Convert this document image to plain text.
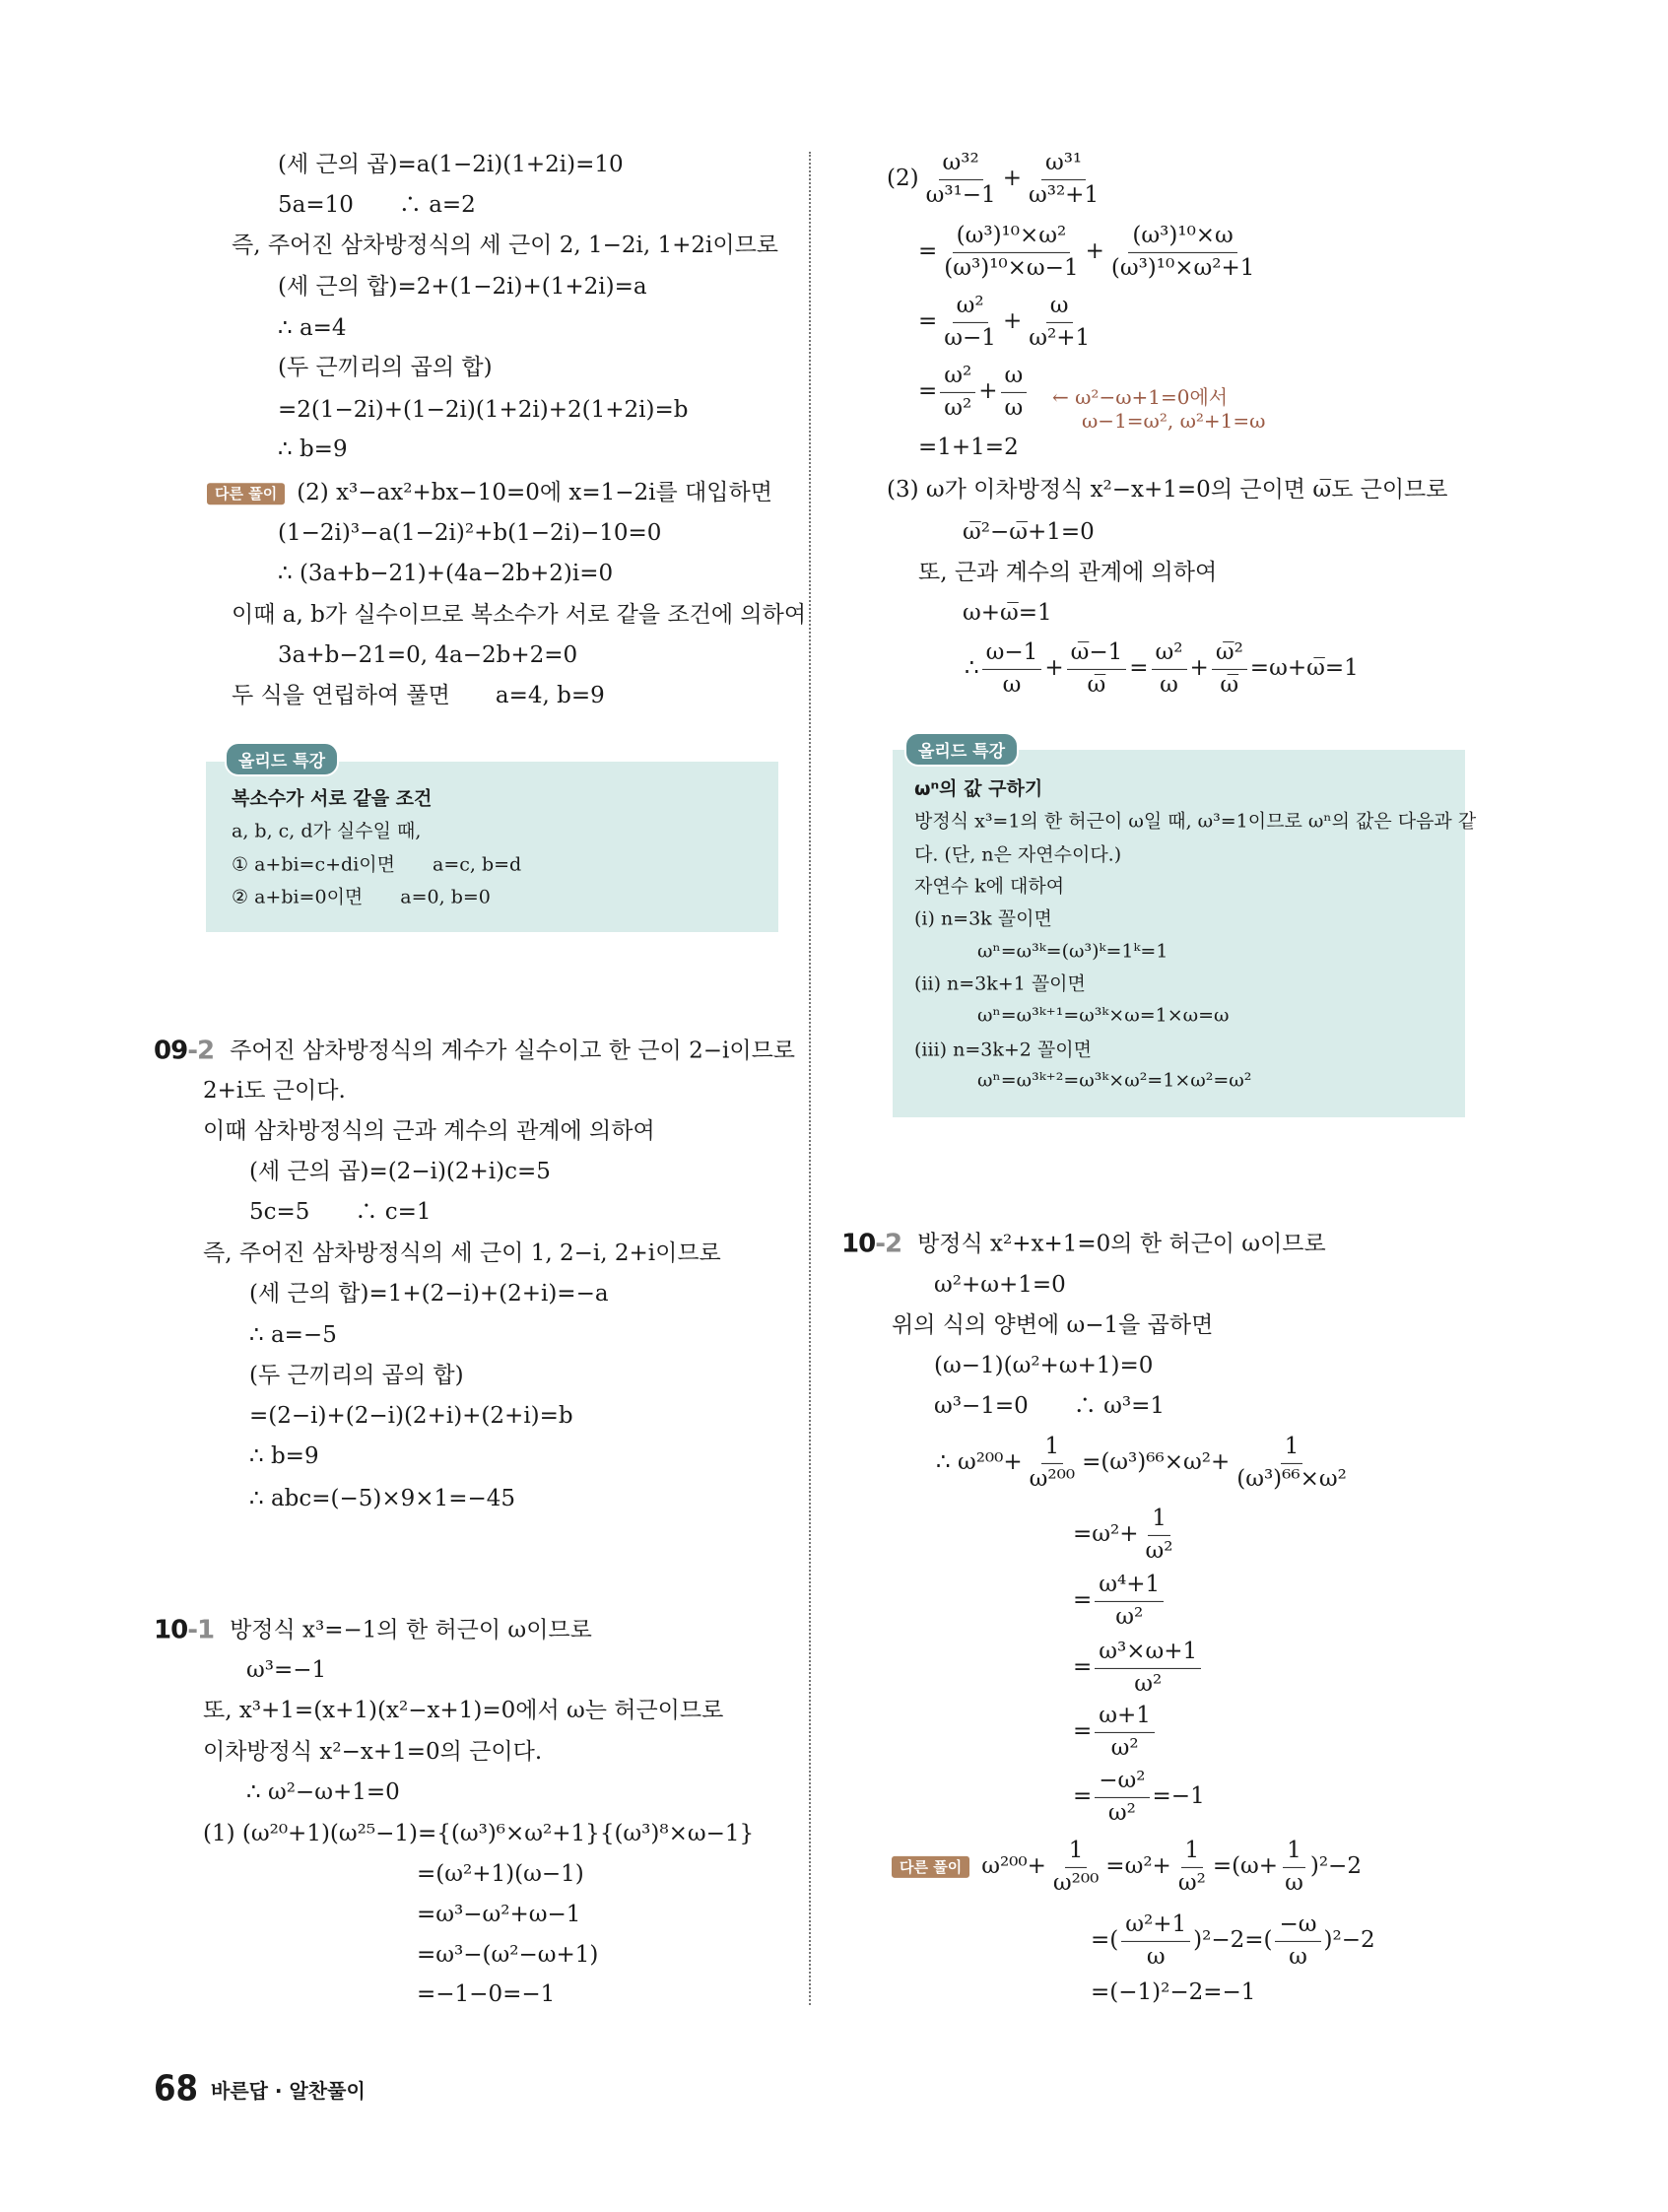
(세 근의 곱)=a(1−2i)(1+2i)=10
5a=10　　∴ a=2
즉, 주어진 삼차방정식의 세 근이 2, 1−2i, 1+2i이므로
(세 근의 합)=2+(1−2i)+(1+2i)=a
∴ a=4
(두 근끼리의 곱의 합)
=2(1−2i)+(1−2i)(1+2i)+2(1+2i)=b
∴ b=9
다른 풀이 (2) x³−ax²+bx−10=0에 x=1−2i를 대입하면
(1−2i)³−a(1−2i)²+b(1−2i)−10=0
∴ (3a+b−21)+(4a−2b+2)i=0
이때 a, b가 실수이므로 복소수가 서로 같을 조건에 의하여
3a+b−21=0, 4a−2b+2=0
두 식을 연립하여 풀면　　a=4, b=9
올리드 특강
복소수가 서로 같을 조건
a, b, c, d가 실수일 때,
① a+bi=c+di이면　　a=c, b=d
② a+bi=0이면　　a=0, b=0
09-2 주어진 삼차방정식의 계수가 실수이고 한 근이 2−i이므로
2+i도 근이다.
이때 삼차방정식의 근과 계수의 관계에 의하여
(세 근의 곱)=(2−i)(2+i)c=5
5c=5　　∴ c=1
즉, 주어진 삼차방정식의 세 근이 1, 2−i, 2+i이므로
(세 근의 합)=1+(2−i)+(2+i)=−a
∴ a=−5
(두 근끼리의 곱의 합)
=(2−i)+(2−i)(2+i)+(2+i)=b
∴ b=9
∴ abc=(−5)×9×1=−45
10-1 방정식 x³=−1의 한 허근이 ω이므로
ω³=−1
또, x³+1=(x+1)(x²−x+1)=0에서 ω는 허근이므로
이차방정식 x²−x+1=0의 근이다.
∴ ω²−ω+1=0
(1) (ω²⁰+1)(ω²⁵−1)={(ω³)⁶×ω²+1}{(ω³)⁸×ω−1}
=(ω²+1)(ω−1)
=ω³−ω²+ω−1
=ω³−(ω²−ω+1)
=−1−0=−1
$(2) \frac{\text{ω³²}}{\text{ω³¹−1}} + \frac{\text{ω³¹}}{\text{ω³²+1}}$
= $\frac{\text{(ω³)¹⁰×ω²}}{\text{(ω³)¹⁰×ω−1}} + \frac{\text{(ω³)¹⁰×ω}}{\text{(ω³)¹⁰×ω²+1}}$
= $\frac{\text{ω²}}{\omega-1} + \frac{\omega}{\text{ω²+1}}$
= $\frac{\text{ω²}}{\text{ω²}} + \frac{\omega}{\omega}$ ← ω²−ω+1=0에서
ω−1=ω², ω²+1=ω
=1+1=2
(3) ω가 이차방정식 x²−x+1=0의 근이면 ω̅도 근이므로
ω̅²−ω̅+1=0
또, 근과 계수의 관계에 의하여
ω+ω̅=1
∴ $\frac{\omega-1}{\omega} + \frac{\omega̅-1}{\omega̅} = \frac{\text{ω²}}{\omega} + \frac{\text{ω̅²}}{\omega̅}$ =ω+ω̅=1
올리드 특강
ωⁿ의 값 구하기
방정식 x³=1의 한 허근이 ω일 때, ω³=1이므로 ωⁿ의 값은 다음과 같
다. (단, n은 자연수이다.)
자연수 k에 대하여
(ⅰ) n=3k 꼴이면
ωⁿ=ω³ᵏ=(ω³)ᵏ=1ᵏ=1
(ⅱ) n=3k+1 꼴이면
ωⁿ=ω³ᵏ⁺¹=ω³ᵏ×ω=1×ω=ω
(ⅲ) n=3k+2 꼴이면
ωⁿ=ω³ᵏ⁺²=ω³ᵏ×ω²=1×ω²=ω²
10-2 방정식 x²+x+1=0의 한 허근이 ω이므로
ω²+ω+1=0
위의 식의 양변에 ω−1을 곱하면
(ω−1)(ω²+ω+1)=0
ω³−1=0　　∴ ω³=1
∴ $\omega^{200}+ \frac{1}{\text{ω²⁰⁰}} =(\omega^3)^{66}\times\omega^2+ \frac{1}{\text{(ω³)⁶⁶×ω²}}$
$=\omega^2+ \frac{1}{\text{ω²}}$
= $\frac{\text{ω⁴+1}}{\text{ω²}}$
= $\frac{\text{ω³×ω+1}}{\text{ω²}}$
= $\frac{\omega+1}{\text{ω²}}$
= $\frac{\text{−ω²}}{\text{ω²}} =-1$
다른 풀이 $\omega^{200}+ \frac{1}{\text{ω²⁰⁰}} =\omega^2+ \frac{1}{\text{ω²}} =(\omega+ \frac{1}{\omega} )^2-2$
=( $\frac{\text{ω²+1}}{\omega} )^2-2=( \frac{-\omega}{\omega} )^2-2$
=(−1)²−2=−1
68 바른답 · 알찬풀이
